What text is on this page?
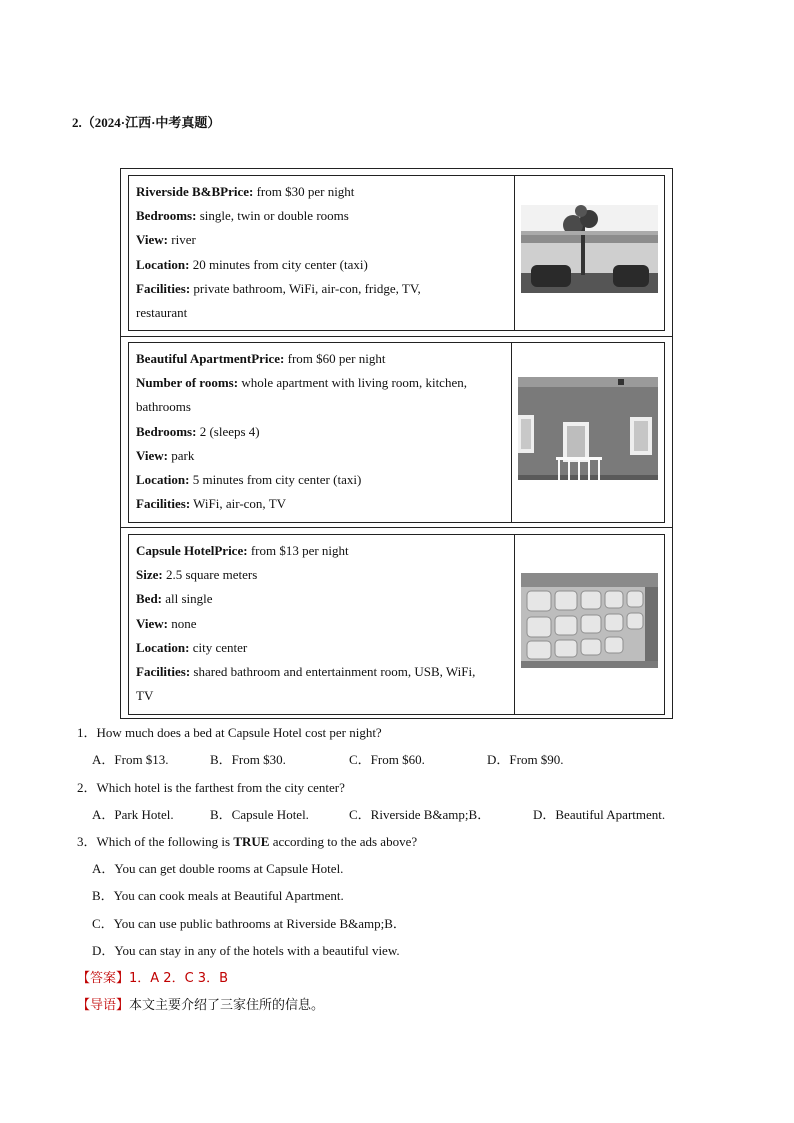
2.（2024·江西·中考真题）
Riverside B&BPrice: from $30 per night
Bedrooms: single, twin or double rooms
View: river
Location: 20 minutes from city center (taxi)
Facilities: private bathroom, WiFi, air-con, fridge, TV,
restaurant
Beautiful ApartmentPrice: from $60 per night
Number of rooms: whole apartment with living room, kitchen,
bathrooms
Bedrooms: 2 (sleeps 4)
View: park
Location: 5 minutes from city center (taxi)
Facilities: WiFi, air-con, TV
Capsule HotelPrice: from $13 per night
Size: 2.5 square meters
Bed: all single
View: none
Location: city center
Facilities: shared bathroom and entertainment room, USB, WiFi,
TV
1．How much does a bed at Capsule Hotel cost per night?
A．From $13.	B．From $30.	C．From $60.	D．From $90.
2．Which hotel is the farthest from the city center?
A．Park Hotel.	B．Capsule Hotel.	C．Riverside B&amp;B．	D．Beautiful Apartment.
3．Which of the following is TRUE according to the ads above?
A．You can get double rooms at Capsule Hotel.
B．You can cook meals at Beautiful Apartment.
C．You can use public bathrooms at Riverside B&amp;B．
D．You can stay in any of the hotels with a beautiful view.
【答案】1．A 2．C 3．B
【导语】本文主要介绍了三家住所的信息。
